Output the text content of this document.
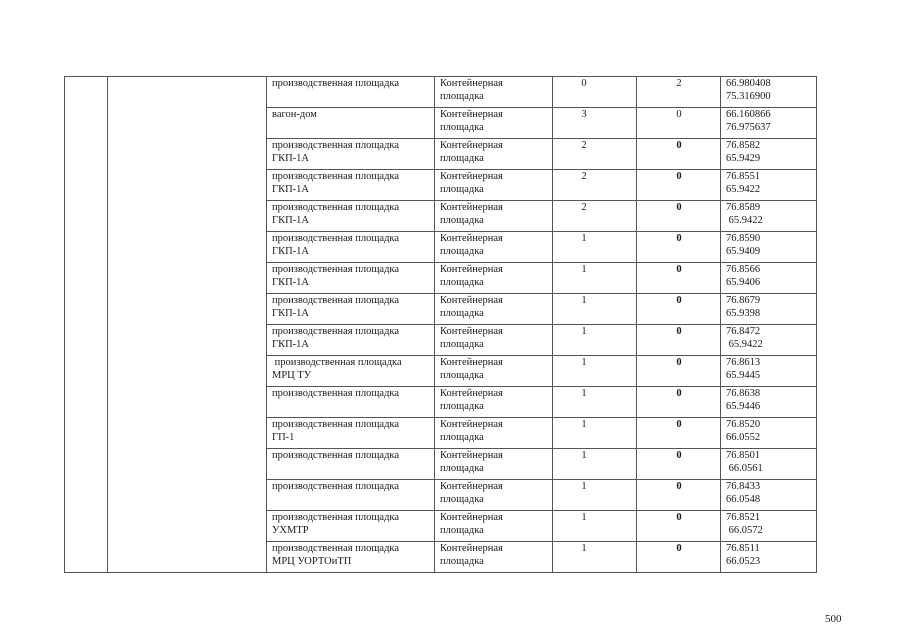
		производственная площадка	Контейнерная
площадка	0	2	66.980408
75.316900

		вагон-дом	Контейнерная
площадка	3	0	66.160866
76.975637

		производственная площадка
ГКП-1А	Контейнерная
площадка	2	0	76.8582
65.9429

		производственная площадка
ГКП-1А	Контейнерная
площадка	2	0	76.8551
65.9422

		производственная площадка
ГКП-1А	Контейнерная
площадка	2	0	76.8589
65.9422

		производственная площадка
ГКП-1А	Контейнерная
площадка	1	0	76.8590
65.9409

		производственная площадка
ГКП-1А	Контейнерная
площадка	1	0	76.8566
65.9406

		производственная площадка
ГКП-1А	Контейнерная
площадка	1	0	76.8679
65.9398

		производственная площадка
ГКП-1А	Контейнерная
площадка	1	0	76.8472
65.9422

		производственная площадка
МРЦ ТУ	Контейнерная
площадка	1	0	76.8613
65.9445

		производственная площадка	Контейнерная
площадка	1	0	76.8638
65.9446

		производственная площадка
ГП-1	Контейнерная
площадка	1	0	76.8520
66.0552

		производственная площадка	Контейнерная
площадка	1	0	76.8501
66.0561

		производственная площадка	Контейнерная
площадка	1	0	76.8433
66.0548

		производственная площадка
УХМТР	Контейнерная
площадка	1	0	76.8521
66.0572

		производственная площадка
МРЦ УОРТОиТП	Контейнерная
площадка	1	0	76.8511
66.0523
500
